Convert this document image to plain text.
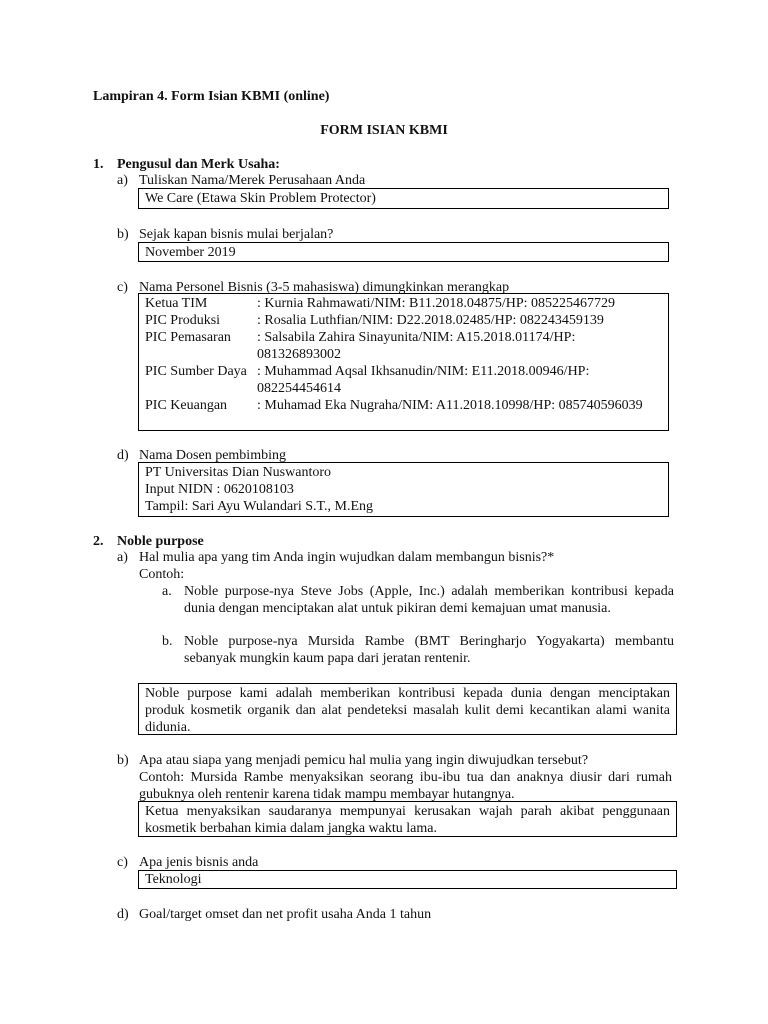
Lampiran 4. Form Isian KBMI (online)
FORM ISIAN KBMI
1. Pengusul dan Merk Usaha:
a) Tuliskan Nama/Merek Perusahaan Anda
We Care (Etawa Skin Problem Protector)
b) Sejak kapan bisnis mulai berjalan?
November 2019
c) Nama Personel Bisnis (3-5 mahasiswa) dimungkinkan merangkap
Ketua TIM	: Kurnia Rahmawati/NIM: B11.2018.04875/HP: 085225467729
PIC Produksi	: Rosalia Luthfian/NIM: D22.2018.02485/HP: 082243459139
PIC Pemasaran	: Salsabila Zahira Sinayunita/NIM: A15.2018.01174/HP: 081326893002
PIC Sumber Daya : Muhammad Aqsal Ikhsanudin/NIM: E11.2018.00946/HP: 082254454614
PIC Keuangan	: Muhamad Eka Nugraha/NIM: A11.2018.10998/HP: 085740596039
d) Nama Dosen pembimbing
PT Universitas Dian Nuswantoro
Input NIDN : 0620108103
Tampil: Sari Ayu Wulandari S.T., M.Eng
2. Noble purpose
a) Hal mulia apa yang tim Anda ingin wujudkan dalam membangun bisnis?*
Contoh:
a. Noble purpose-nya Steve Jobs (Apple, Inc.) adalah memberikan kontribusi kepada dunia dengan menciptakan alat untuk pikiran demi kemajuan umat manusia.
b. Noble purpose-nya Mursida Rambe (BMT Beringharjo Yogyakarta) membantu sebanyak mungkin kaum papa dari jeratan rentenir.
Noble purpose kami adalah memberikan kontribusi kepada dunia dengan menciptakan produk kosmetik organik dan alat pendeteksi masalah kulit demi kecantikan alami wanita didunia.
b) Apa atau siapa yang menjadi pemicu hal mulia yang ingin diwujudkan tersebut?
Contoh: Mursida Rambe menyaksikan seorang ibu-ibu tua dan anaknya diusir dari rumah gubuknya oleh rentenir karena tidak mampu membayar hutangnya.
Ketua menyaksikan saudaranya mempunyai kerusakan wajah parah akibat penggunaan kosmetik berbahan kimia dalam jangka waktu lama.
c) Apa jenis bisnis anda
Teknologi
d) Goal/target omset dan net profit usaha Anda 1 tahun
